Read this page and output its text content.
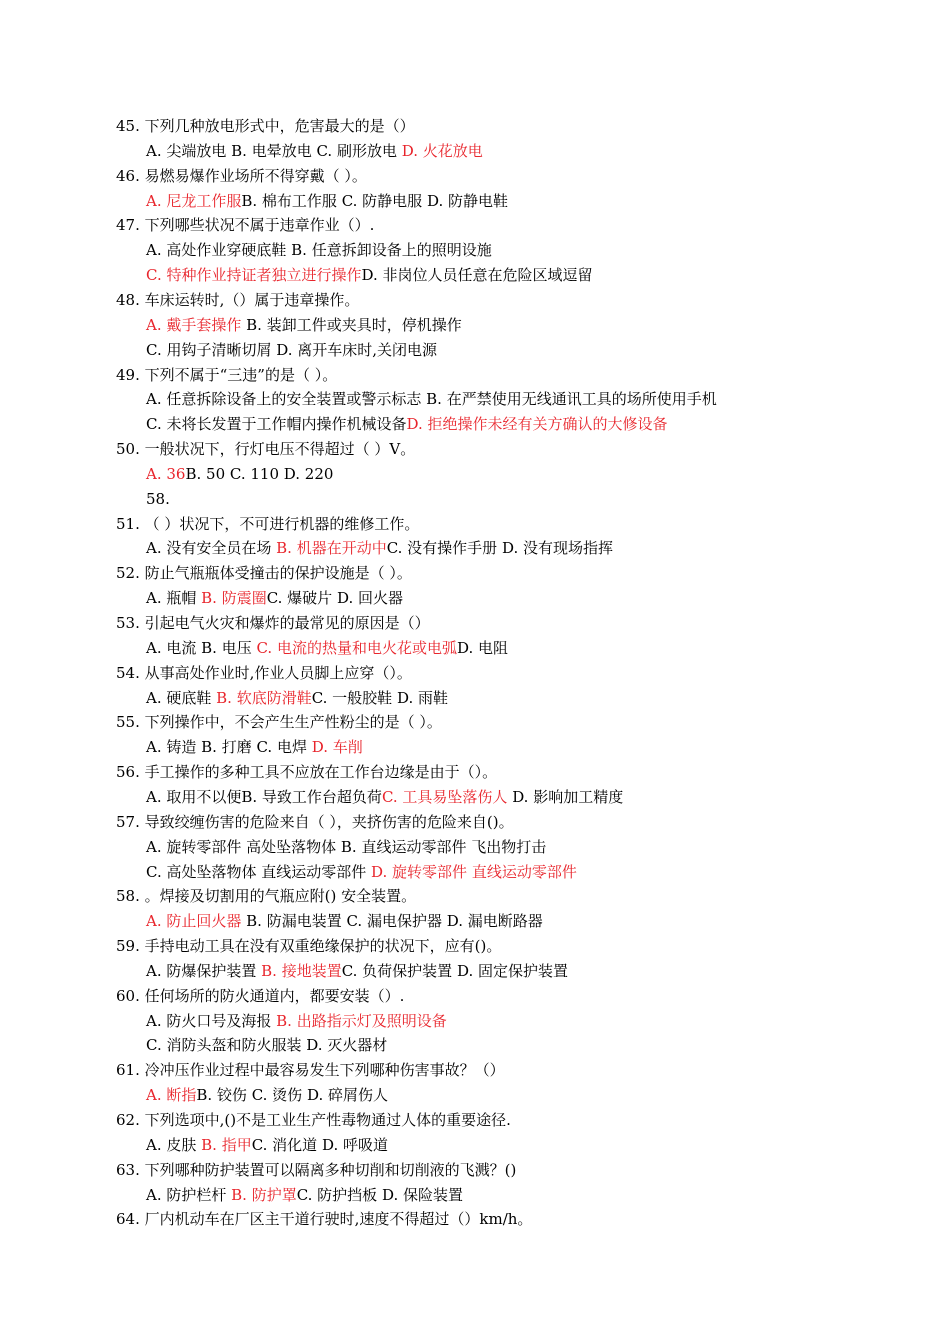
45. 下列几种放电形式中，危害最大的是（）
A. 尖端放电 B. 电晕放电 C. 刷形放电 D. 火花放电
46. 易燃易爆作业场所不得穿戴（ ）。
A. 尼龙工作服B. 棉布工作服 C. 防静电服 D. 防静电鞋
47. 下列哪些状况不属于违章作业（）.
A. 高处作业穿硬底鞋 B. 任意拆卸设备上的照明设施
C. 特种作业持证者独立进行操作D. 非岗位人员任意在危险区域逗留
48. 车床运转时,（）属于违章操作。
A. 戴手套操作 B. 装卸工件或夹具时，停机操作
C. 用钩子清晰切屑 D. 离开车床时,关闭电源
49. 下列不属于“三违”的是（ ）。
A. 任意拆除设备上的安全装置或警示标志 B. 在严禁使用无线通讯工具的场所使用手机
C. 未将长发置于工作帽内操作机械设备D. 拒绝操作未经有关方确认的大修设备
50. 一般状况下，行灯电压不得超过（ ）V。
A. 36B. 50 C. 110 D. 220
58.
51. （ ）状况下，不可进行机器的维修工作。
A. 没有安全员在场 B. 机器在开动中C. 没有操作手册 D. 没有现场指挥
52. 防止气瓶瓶体受撞击的保护设施是（ ）。
A. 瓶帽 B. 防震圈C. 爆破片 D. 回火器
53. 引起电气火灾和爆炸的最常见的原因是（）
A. 电流 B. 电压 C. 电流的热量和电火花或电弧D. 电阻
54. 从事高处作业时,作业人员脚上应穿（）。
A. 硬底鞋 B. 软底防滑鞋C. 一般胶鞋 D. 雨鞋
55. 下列操作中，不会产生生产性粉尘的是（ ）。
A. 铸造 B. 打磨 C. 电焊 D. 车削
56. 手工操作的多种工具不应放在工作台边缘是由于（）。
A. 取用不以便B. 导致工作台超负荷C. 工具易坠落伤人 D. 影响加工精度
57. 导致绞缠伤害的危险来自（ ），夹挤伤害的危险来自()。
A. 旋转零部件 高处坠落物体 B. 直线运动零部件 飞出物打击
C. 高处坠落物体 直线运动零部件 D. 旋转零部件 直线运动零部件
58. 。焊接及切割用的气瓶应附() 安全装置。
A. 防止回火器 B. 防漏电装置 C. 漏电保护器 D. 漏电断路器
59. 手持电动工具在没有双重绝缘保护的状况下，应有()。
A. 防爆保护装置 B. 接地装置C. 负荷保护装置 D. 固定保护装置
60. 任何场所的防火通道内，都要安装（）.
A. 防火口号及海报 B. 出路指示灯及照明设备
C. 消防头盔和防火服装 D. 灭火器材
61. 冷冲压作业过程中最容易发生下列哪种伤害事故？（）
A. 断指B. 铰伤 C. 烫伤 D. 碎屑伤人
62. 下列选项中,()不是工业生产性毒物通过人体的重要途径.
A. 皮肤 B. 指甲C. 消化道 D. 呼吸道
63. 下列哪种防护装置可以隔离多种切削和切削液的飞溅？()
A. 防护栏杆 B. 防护罩C. 防护挡板 D. 保险装置
64. 厂内机动车在厂区主干道行驶时,速度不得超过（）km/h。
